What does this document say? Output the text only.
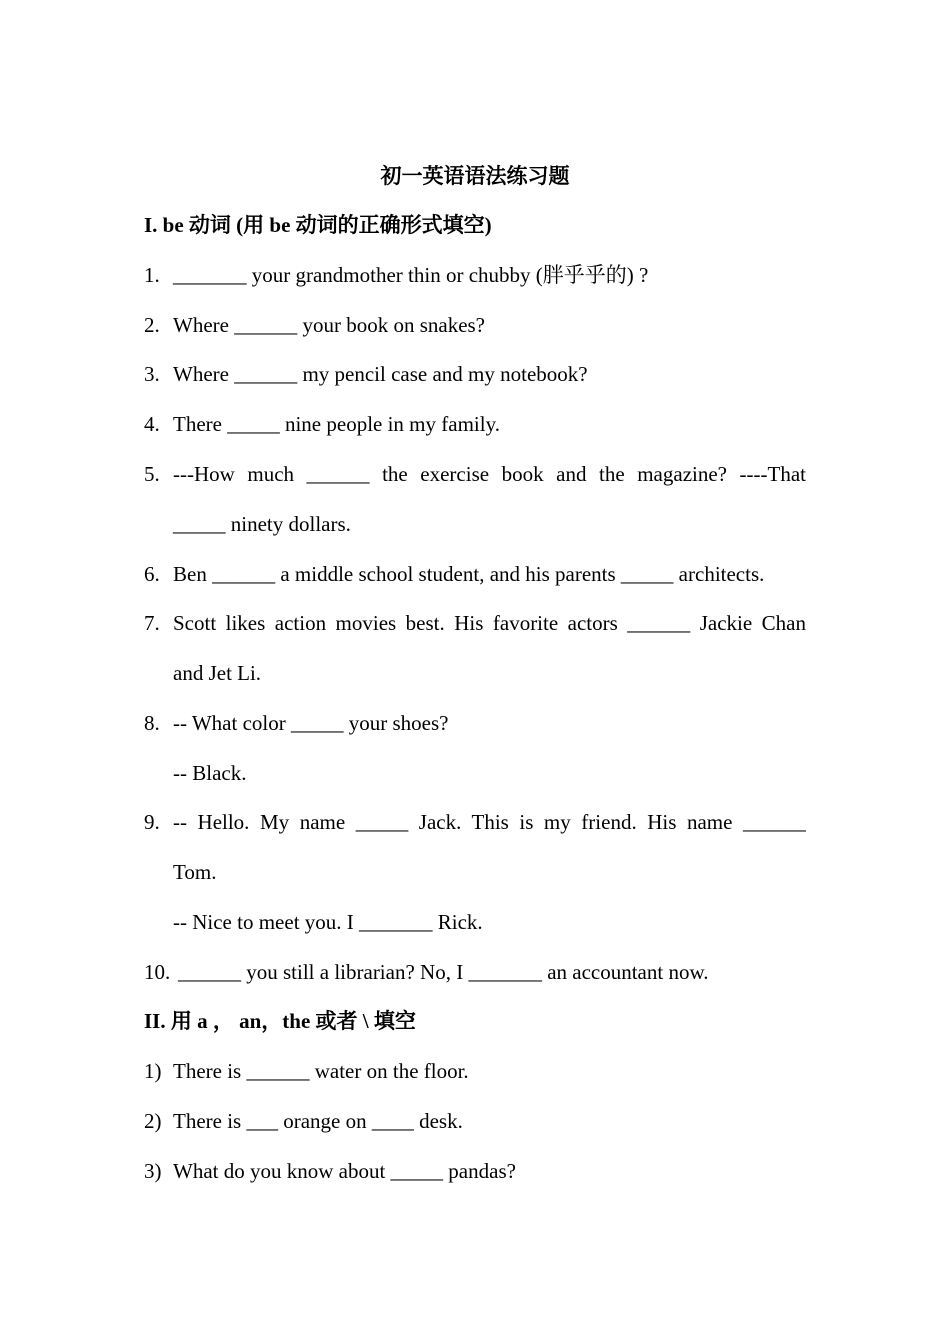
初一英语语法练习题
I. be 动词 (用 be 动词的正确形式填空)
1. _______ your grandmother thin or chubby (胖乎乎的) ?
2. Where ______ your book on snakes?
3. Where ______ my pencil case and my notebook?
4. There _____ nine people in my family.
5. ---How much ______ the exercise book and the magazine? ----That
_____ ninety dollars.
6. Ben ______ a middle school student, and his parents _____ architects.
7. Scott likes action movies best. His favorite actors ______ Jackie Chan
and Jet Li.
8. -- What color _____ your shoes?
-- Black.
9. -- Hello. My name _____ Jack. This is my friend. His name ______
Tom.
-- Nice to meet you. I _______ Rick.
10. ______ you still a librarian? No, I _______ an accountant now.
II. 用 a ， an，the 或者 \ 填空
1) There is ______ water on the floor.
2) There is ___ orange on ____ desk.
3) What do you know about _____ pandas?
